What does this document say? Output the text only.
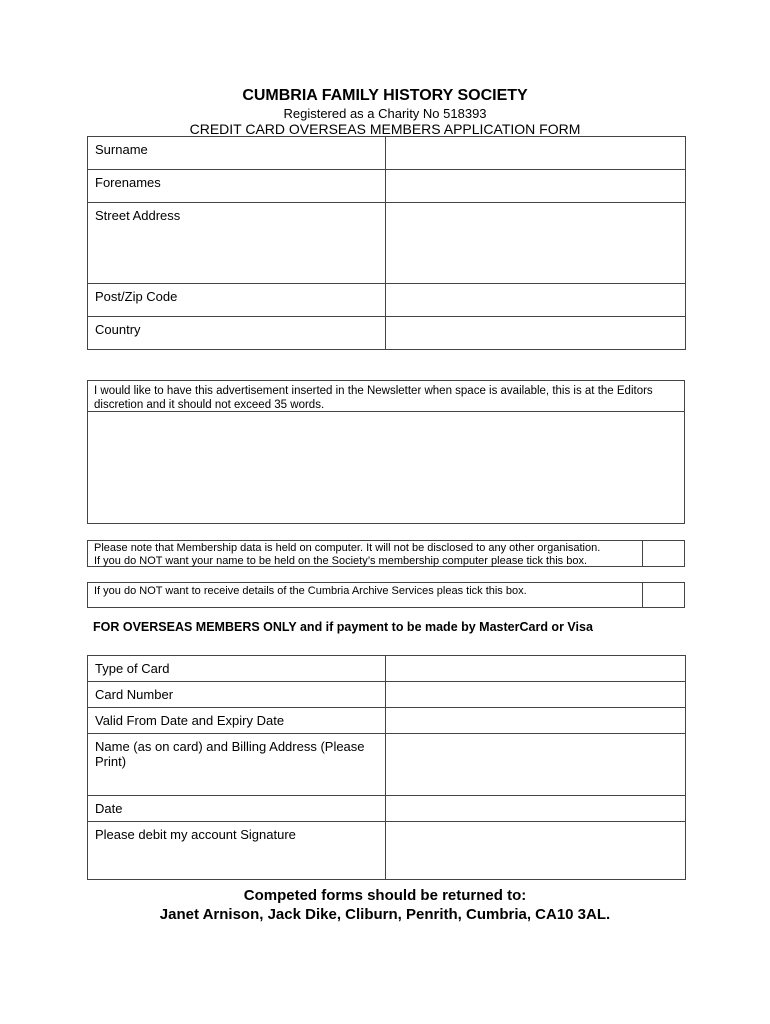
CUMBRIA FAMILY HISTORY SOCIETY
Registered as a Charity No 518393
CREDIT CARD OVERSEAS MEMBERS APPLICATION FORM
Surname	
Forenames	
Street Address	
Post/Zip Code	
Country	
I would like to have this advertisement inserted in the Newsletter when space is available, this is at the Editors discretion and it should not exceed 35 words.
Please note that Membership data is held on computer. It will not be disclosed to any other organisation.
If you do NOT want your name to be held on the Society’s membership computer please tick this box.
If you do NOT want to receive details of the Cumbria Archive Services pleas tick this box.
FOR OVERSEAS MEMBERS ONLY and if payment to be made by MasterCard or Visa
Type of Card	
Card Number	
Valid From Date and Expiry Date	
Name (as on card) and Billing Address (Please Print)	
Date	
Please debit my account Signature	
Competed forms should be returned to:
Janet Arnison, Jack Dike, Cliburn, Penrith, Cumbria, CA10 3AL.
